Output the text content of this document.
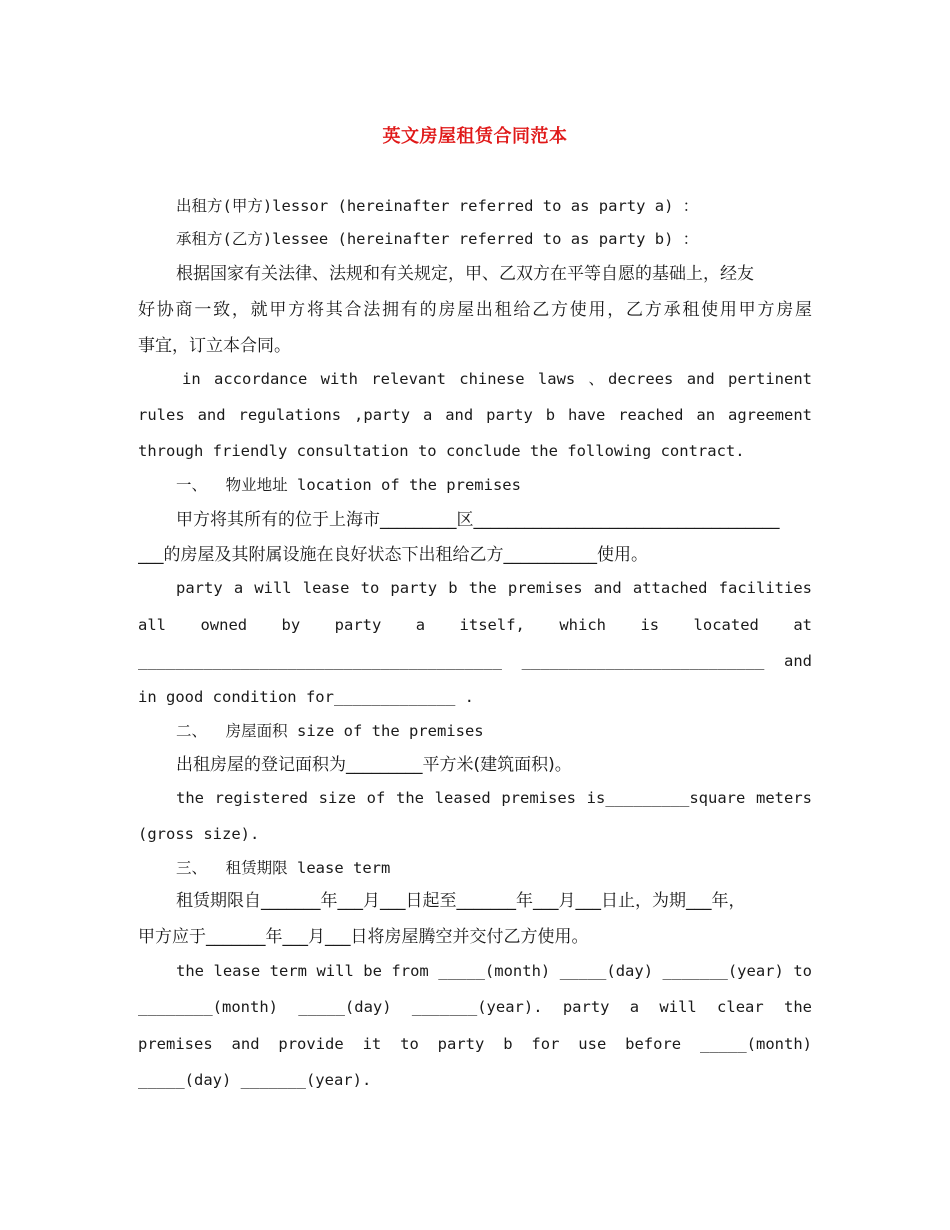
英文房屋租赁合同范本
出租方(甲方)lessor (hereinafter referred to as party a) ：
承租方(乙方)lessee (hereinafter referred to as party b) ：
根据国家有关法律、法规和有关规定，甲、乙双方在平等自愿的基础上，经友
好协商一致，就甲方将其合法拥有的房屋出租给乙方使用，乙方承租使用甲方房屋
事宜，订立本合同。
in accordance with relevant chinese laws 、decrees and pertinent
rules and regulations ,party a and party b have reached an agreement
through friendly consultation to conclude the following contract.
一、  物业地址 location of the premises
甲方将其所有的位于上海市_________区____________________________________
___的房屋及其附属设施在良好状态下出租给乙方___________使用。
party a will lease to party b the premises and attached facilities
all owned by party a itself, which is located at
_______________________________________ __________________________ and
in good condition for_____________ .
二、  房屋面积 size of the premises
出租房屋的登记面积为_________平方米(建筑面积)。
the registered size of the leased premises is_________square meters
(gross size).
三、  租赁期限 lease term
租赁期限自_______年___月___日起至_______年___月___日止，为期___年，
甲方应于_______年___月___日将房屋腾空并交付乙方使用。
the lease term will be from _____(month) _____(day) _______(year) to
________(month) _____(day) _______(year). party a will clear the
premises and provide it to party b for use before _____(month)
_____(day) _______(year).
